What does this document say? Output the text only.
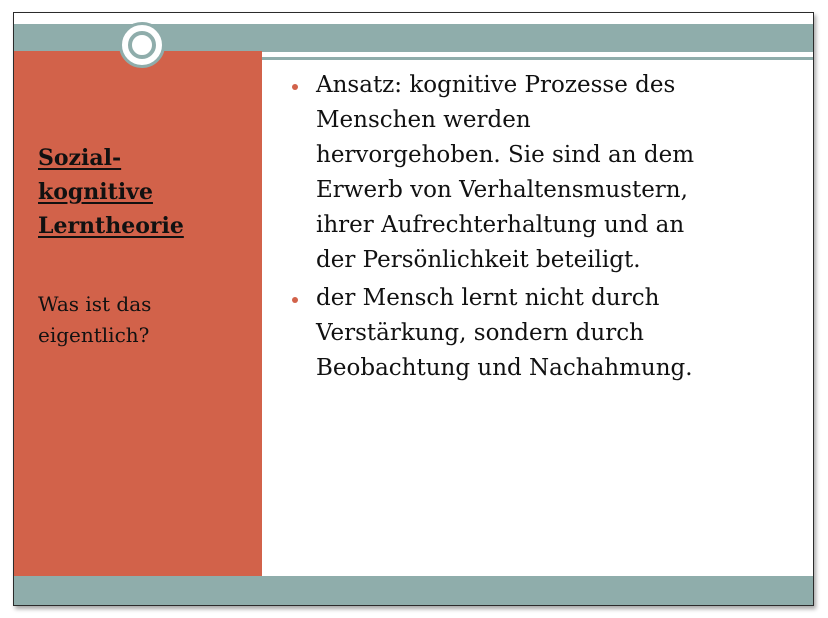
Sozial-
kognitive
Lerntheorie

Was ist das
eigentlich?

Ansatz: kognitive Prozesse des
Menschen werden
hervorgehoben. Sie sind an dem
Erwerb von Verhaltensmustern,
ihrer Aufrechterhaltung und an
der Persönlichkeit beteiligt.
der Mensch lernt nicht durch
Verstärkung, sondern durch
Beobachtung und Nachahmung.
